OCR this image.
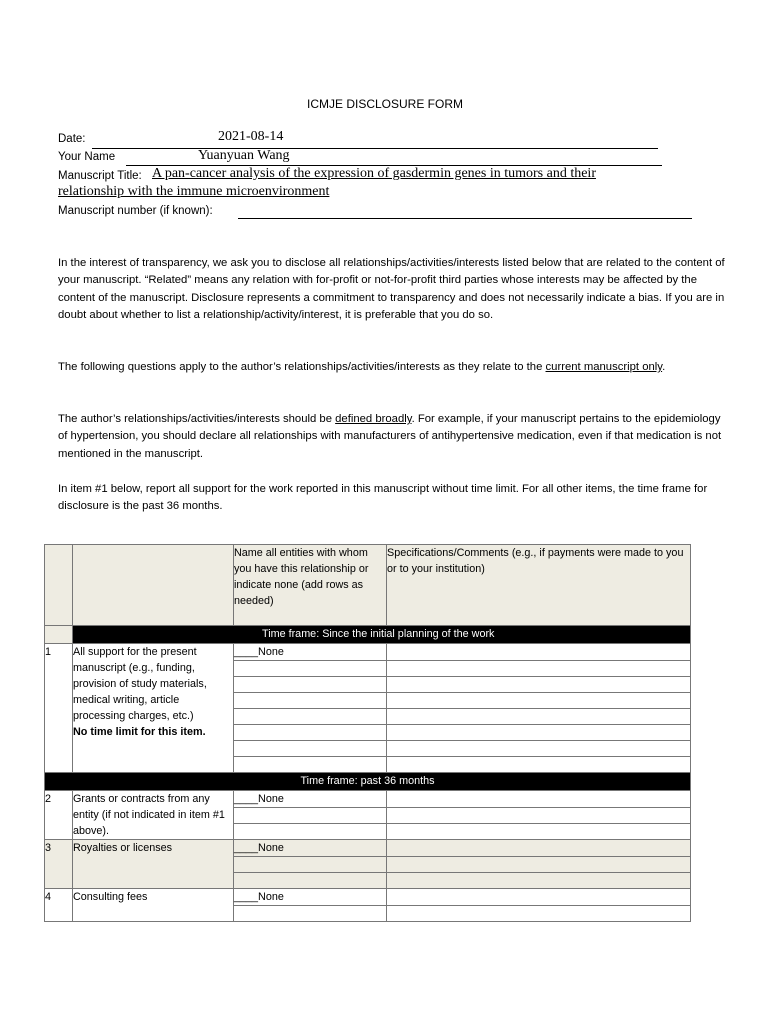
ICMJE DISCLOSURE FORM
Date:	2021-08-14
Your Name	Yuanyuan Wang
Manuscript Title: A pan-cancer analysis of the expression of gasdermin genes in tumors and their
relationship with the immune microenvironment
Manuscript number (if known):
In the interest of transparency, we ask you to disclose all relationships/activities/interests listed below that are related to the content of your manuscript. “Related” means any relation with for-profit or not-for-profit third parties whose interests may be affected by the content of the manuscript. Disclosure represents a commitment to transparency and does not necessarily indicate a bias. If you are in doubt about whether to list a relationship/activity/interest, it is preferable that you do so.
The following questions apply to the author’s relationships/activities/interests as they relate to the current manuscript only.
The author’s relationships/activities/interests should be defined broadly. For example, if your manuscript pertains to the epidemiology of hypertension, you should declare all relationships with manufacturers of antihypertensive medication, even if that medication is not mentioned in the manuscript.
In item #1 below, report all support for the work reported in this manuscript without time limit. For all other items, the time frame for disclosure is the past 36 months.
		Name all entities with whom you have this relationship or indicate none (add rows as needed)	Specifications/Comments (e.g., if payments were made to you or to your institution)
	Time frame: Since the initial planning of the work		
1	All support for the present manuscript (e.g., funding, provision of study materials, medical writing, article processing charges, etc.)
No time limit for this item.	____None	

Time frame: past 36 months			
2	Grants or contracts from any entity (if not indicated in item #1 above).	____None	

3	Royalties or licenses	____None	

4	Consulting fees	____None	
